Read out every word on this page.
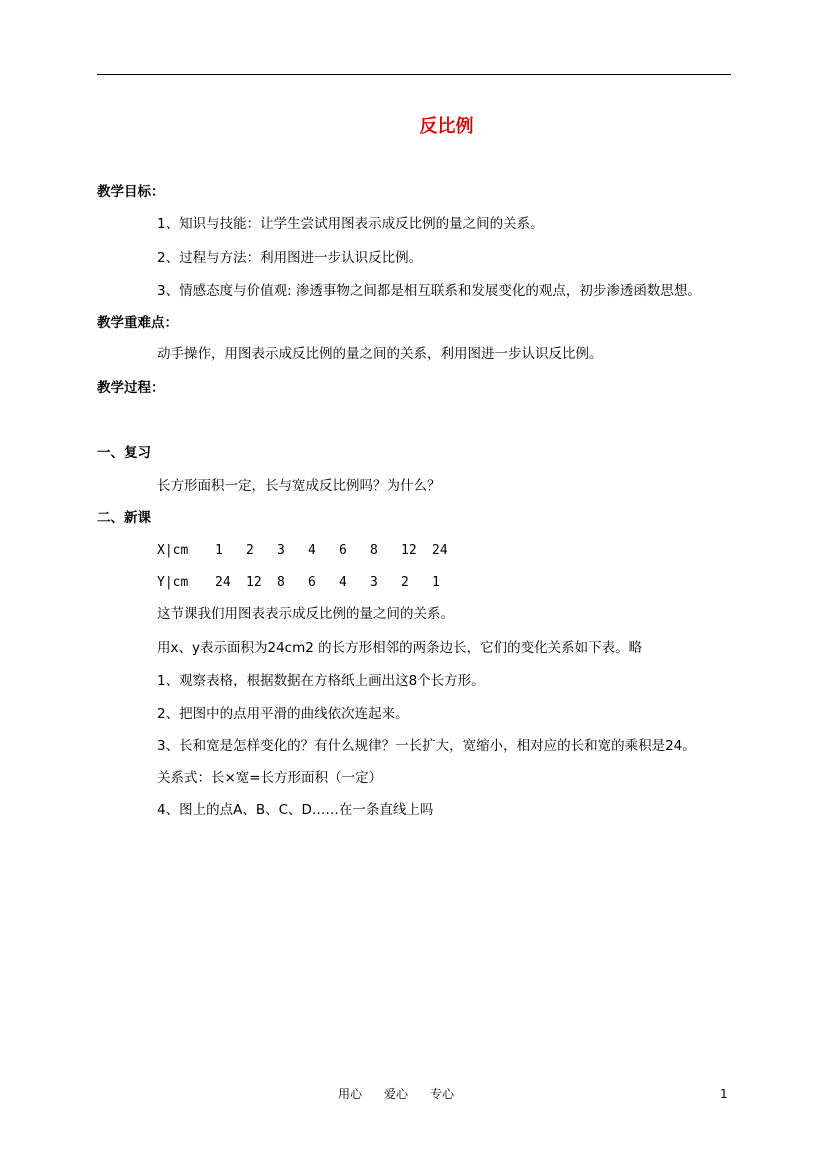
反比例
教学目标：
1、知识与技能：让学生尝试用图表示成反比例的量之间的关系。
2、过程与方法：利用图进一步认识反比例。
3、情感态度与价值观: 渗透事物之间都是相互联系和发展变化的观点，初步渗透函数思想。
教学重难点：
动手操作，用图表示成反比例的量之间的关系，利用图进一步认识反比例。
教学过程：
一、复习
长方形面积一定，长与宽成反比例吗？为什么？
二、新课
X|cm 1 2 3 4 6 8 12 24
Y|cm 24 12 8 6 4 3 2 1
这节课我们用图表表示成反比例的量之间的关系。
用x、y表示面积为24cm2 的长方形相邻的两条边长，它们的变化关系如下表。略
1、观察表格，根据数据在方格纸上画出这8个长方形。
2、把图中的点用平滑的曲线依次连起来。
3、长和宽是怎样变化的？有什么规律？一长扩大，宽缩小，相对应的长和宽的乘积是24。
关系式：长×宽=长方形面积（一定）
4、图上的点A、B、C、D……在一条直线上吗
用心 爱心 专心	1
